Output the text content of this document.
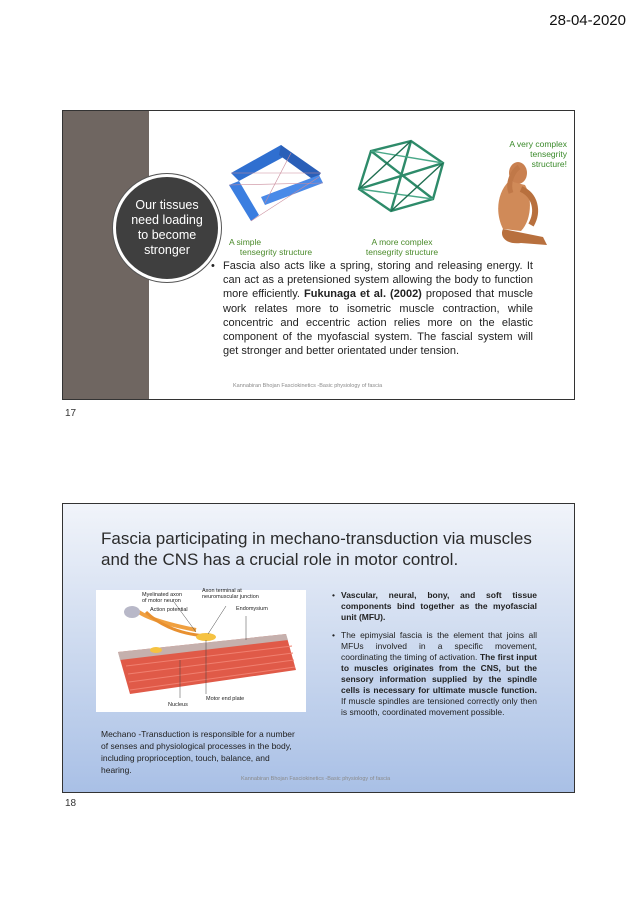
28-04-2020
Our tissues
need loading
to become
stronger
A simple
tensegrity structure
A more complex
tensegrity structure
A very complex
tensegrity
structure!
• Fascia also acts like a spring, storing and releasing energy. It can act as a pretensioned system allowing the body to function more efficiently. Fukunaga et al. (2002) proposed that muscle work relates more to isometric muscle contraction, while concentric and eccentric action relies more on the elastic component of the myofascial system. The fascial system will get stronger and better orientated under tension.
Kannabiran Bhojan Fasciokinetics -Basic physiology of fascia
17
Fascia participating in mechano-transduction via muscles and the CNS has a crucial role in motor control.
Myelinated axon
of motor neuron
Axon terminal at
neuromuscular junction
Action potential	Endomysium
Nucleus
Motor end plate
Mechano -Transduction is responsible for a number of senses and physiological processes in the body, including proprioception, touch, balance, and hearing.
• Vascular, neural, bony, and soft tissue components bind together as the myofascial unit (MFU).
• The epimysial fascia is the element that joins all MFUs involved in a specific movement, coordinating the timing of activation. The first input to muscles originates from the CNS, but the sensory information supplied by the spindle cells is necessary for ultimate muscle function. If muscle spindles are tensioned correctly only then is smooth, coordinated movement possible.
Kannabiran Bhojan Fasciokinetics -Basic physiology of fascia
18
